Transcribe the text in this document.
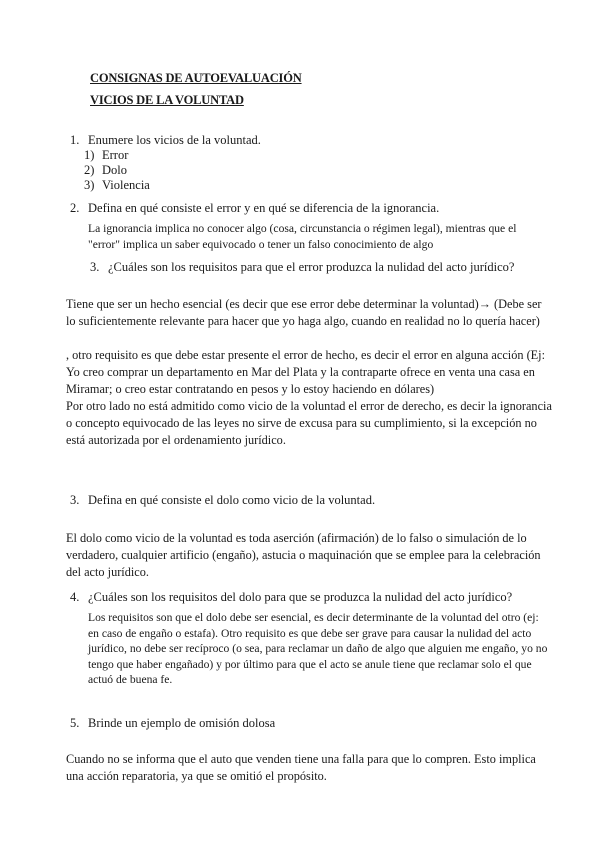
CONSIGNAS DE AUTOEVALUACIÓN
VICIOS DE LA VOLUNTAD
1. Enumere los vicios de la voluntad.
1) Error
2) Dolo
3) Violencia
2. Defina en qué consiste el error y en qué se diferencia de la ignorancia.
La ignorancia implica no conocer algo (cosa, circunstancia o régimen legal), mientras que el "error" implica un saber equivocado o tener un falso conocimiento de algo
3. ¿Cuáles son los requisitos para que el error produzca la nulidad del acto jurídico?
Tiene que ser un hecho esencial (es decir que ese error debe determinar la voluntad)→ (Debe ser lo suficientemente relevante para hacer que yo haga algo, cuando en realidad no lo quería hacer)
, otro requisito es que debe estar presente el error de hecho, es decir el error en alguna acción (Ej: Yo creo comprar un departamento en Mar del Plata y la contraparte ofrece en venta una casa en Miramar; o creo estar contratando en pesos y lo estoy haciendo en dólares)
Por otro lado no está admitido como vicio de la voluntad el error de derecho, es decir la ignorancia o concepto equivocado de las leyes no sirve de excusa para su cumplimiento, si la excepción no está autorizada por el ordenamiento jurídico.
3. Defina en qué consiste el dolo como vicio de la voluntad.
El dolo como vicio de la voluntad es toda aserción (afirmación) de lo falso o simulación de lo verdadero, cualquier artificio (engaño), astucia o maquinación que se emplee para la celebración del acto jurídico.
4. ¿Cuáles son los requisitos del dolo para que se produzca la nulidad del acto jurídico?
Los requisitos son que el dolo debe ser esencial, es decir determinante de la voluntad del otro (ej: en caso de engaño o estafa). Otro requisito es que debe ser grave para causar la nulidad del acto jurídico, no debe ser recíproco (o sea, para reclamar un daño de algo que alguien me engaño, yo no tengo que haber engañado) y por último para que el acto se anule tiene que reclamar solo el que actuó de buena fe.
5. Brinde un ejemplo de omisión dolosa
Cuando no se informa que el auto que venden tiene una falla para que lo compren. Esto implica una acción reparatoria, ya que se omitió el propósito.
